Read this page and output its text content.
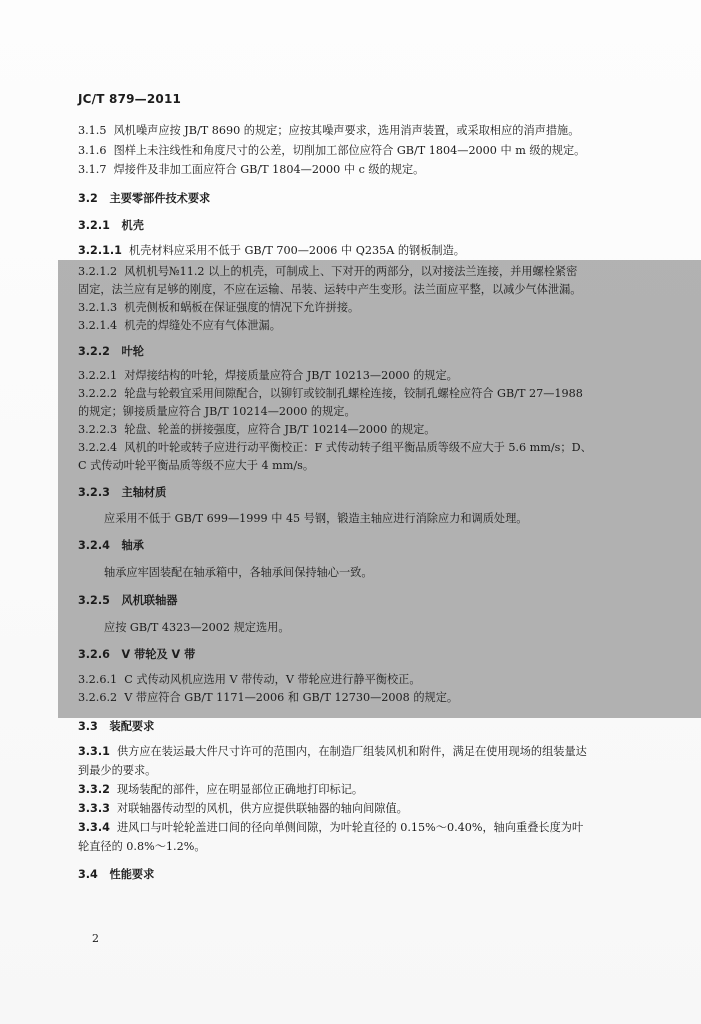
JC/T 879—2011
3.1.5 风机噪声应按 JB/T 8690 的规定；应按其噪声要求，选用消声装置，或采取相应的消声措施。
3.1.6 图样上未注线性和角度尺寸的公差，切削加工部位应符合 GB/T 1804—2000 中 m 级的规定。
3.1.7 焊接件及非加工面应符合 GB/T 1804—2000 中 c 级的规定。
3.2 主要零部件技术要求
3.2.1 机壳
3.2.1.1 机壳材料应采用不低于 GB/T 700—2006 中 Q235A 的钢板制造。
3.2.1.2 风机机号№11.2 以上的机壳，可制成上、下对开的两部分，以对接法兰连接，并用螺栓紧密
固定，法兰应有足够的刚度，不应在运输、吊装、运转中产生变形。法兰面应平整，以减少气体泄漏。
3.2.1.3 机壳侧板和蜗板在保证强度的情况下允许拼接。
3.2.1.4 机壳的焊缝处不应有气体泄漏。
3.2.2 叶轮
3.2.2.1 对焊接结构的叶轮，焊接质量应符合 JB/T 10213—2000 的规定。
3.2.2.2 轮盘与轮毂宜采用间隙配合，以铆钉或铰制孔螺栓连接，铰制孔螺栓应符合 GB/T 27—1988
的规定；铆接质量应符合 JB/T 10214—2000 的规定。
3.2.2.3 轮盘、轮盖的拼接强度，应符合 JB/T 10214—2000 的规定。
3.2.2.4 风机的叶轮或转子应进行动平衡校正：F 式传动转子组平衡品质等级不应大于 5.6 mm/s；D、
C 式传动叶轮平衡品质等级不应大于 4 mm/s。
3.2.3 主轴材质
应采用不低于 GB/T 699—1999 中 45 号钢，锻造主轴应进行消除应力和调质处理。
3.2.4 轴承
轴承应牢固装配在轴承箱中，各轴承间保持轴心一致。
3.2.5 风机联轴器
应按 GB/T 4323—2002 规定选用。
3.2.6 V 带轮及 V 带
3.2.6.1 C 式传动风机应选用 V 带传动，V 带轮应进行静平衡校正。
3.2.6.2 V 带应符合 GB/T 1171—2006 和 GB/T 12730—2008 的规定。
3.3 装配要求
3.3.1 供方应在装运最大件尺寸许可的范围内，在制造厂组装风机和附件，满足在使用现场的组装量达
到最少的要求。
3.3.2 现场装配的部件，应在明显部位正确地打印标记。
3.3.3 对联轴器传动型的风机，供方应提供联轴器的轴向间隙值。
3.3.4 进风口与叶轮轮盖进口间的径向单侧间隙，为叶轮直径的 0.15%～0.40%，轴向重叠长度为叶
轮直径的 0.8%～1.2%。
3.4 性能要求
2
